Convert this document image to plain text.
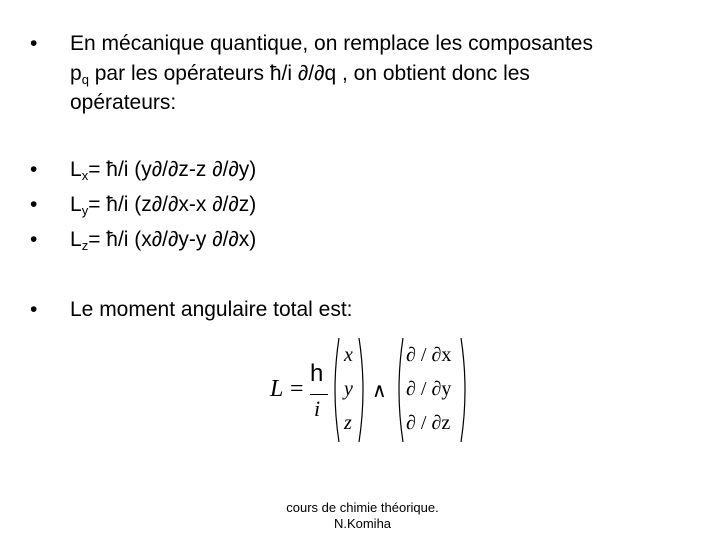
• En mécanique quantique, on remplace les composantes
$p_q$ par les opérateurs ħ/i ∂/∂q , on obtient donc les
opérateurs:
• $L_x=$ ħ/i (y∂/∂z-z ∂/∂y)
• $L_y=$ ħ/i (z∂/∂x-x ∂/∂z)
• $L_z=$ ħ/i (x∂/∂y-y ∂/∂x)
• Le moment angulaire total est:
L =
h
i
x
y
z
∧
∂ / ∂x
∂ / ∂y
∂ / ∂z
cours de chimie théorique.
N.Komiha
